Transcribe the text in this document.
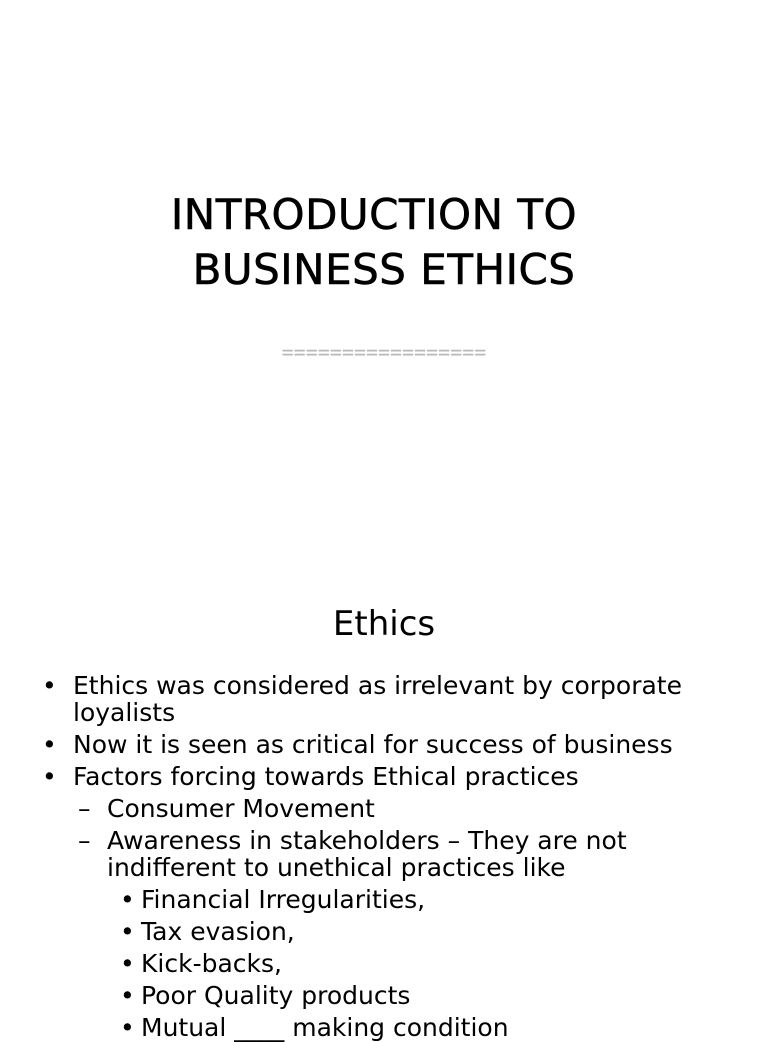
INTRODUCTION TO
BUSINESS ETHICS
=================
Ethics
• Ethics was considered as irrelevant by corporate
loyalists
• Now it is seen as critical for success of business
• Factors forcing towards Ethical practices
– Consumer Movement
– Awareness in stakeholders – They are not
indifferent to unethical practices like
• Financial Irregularities,
• Tax evasion,
• Kick-backs,
• Poor Quality products
• Mutual ____ making condition
